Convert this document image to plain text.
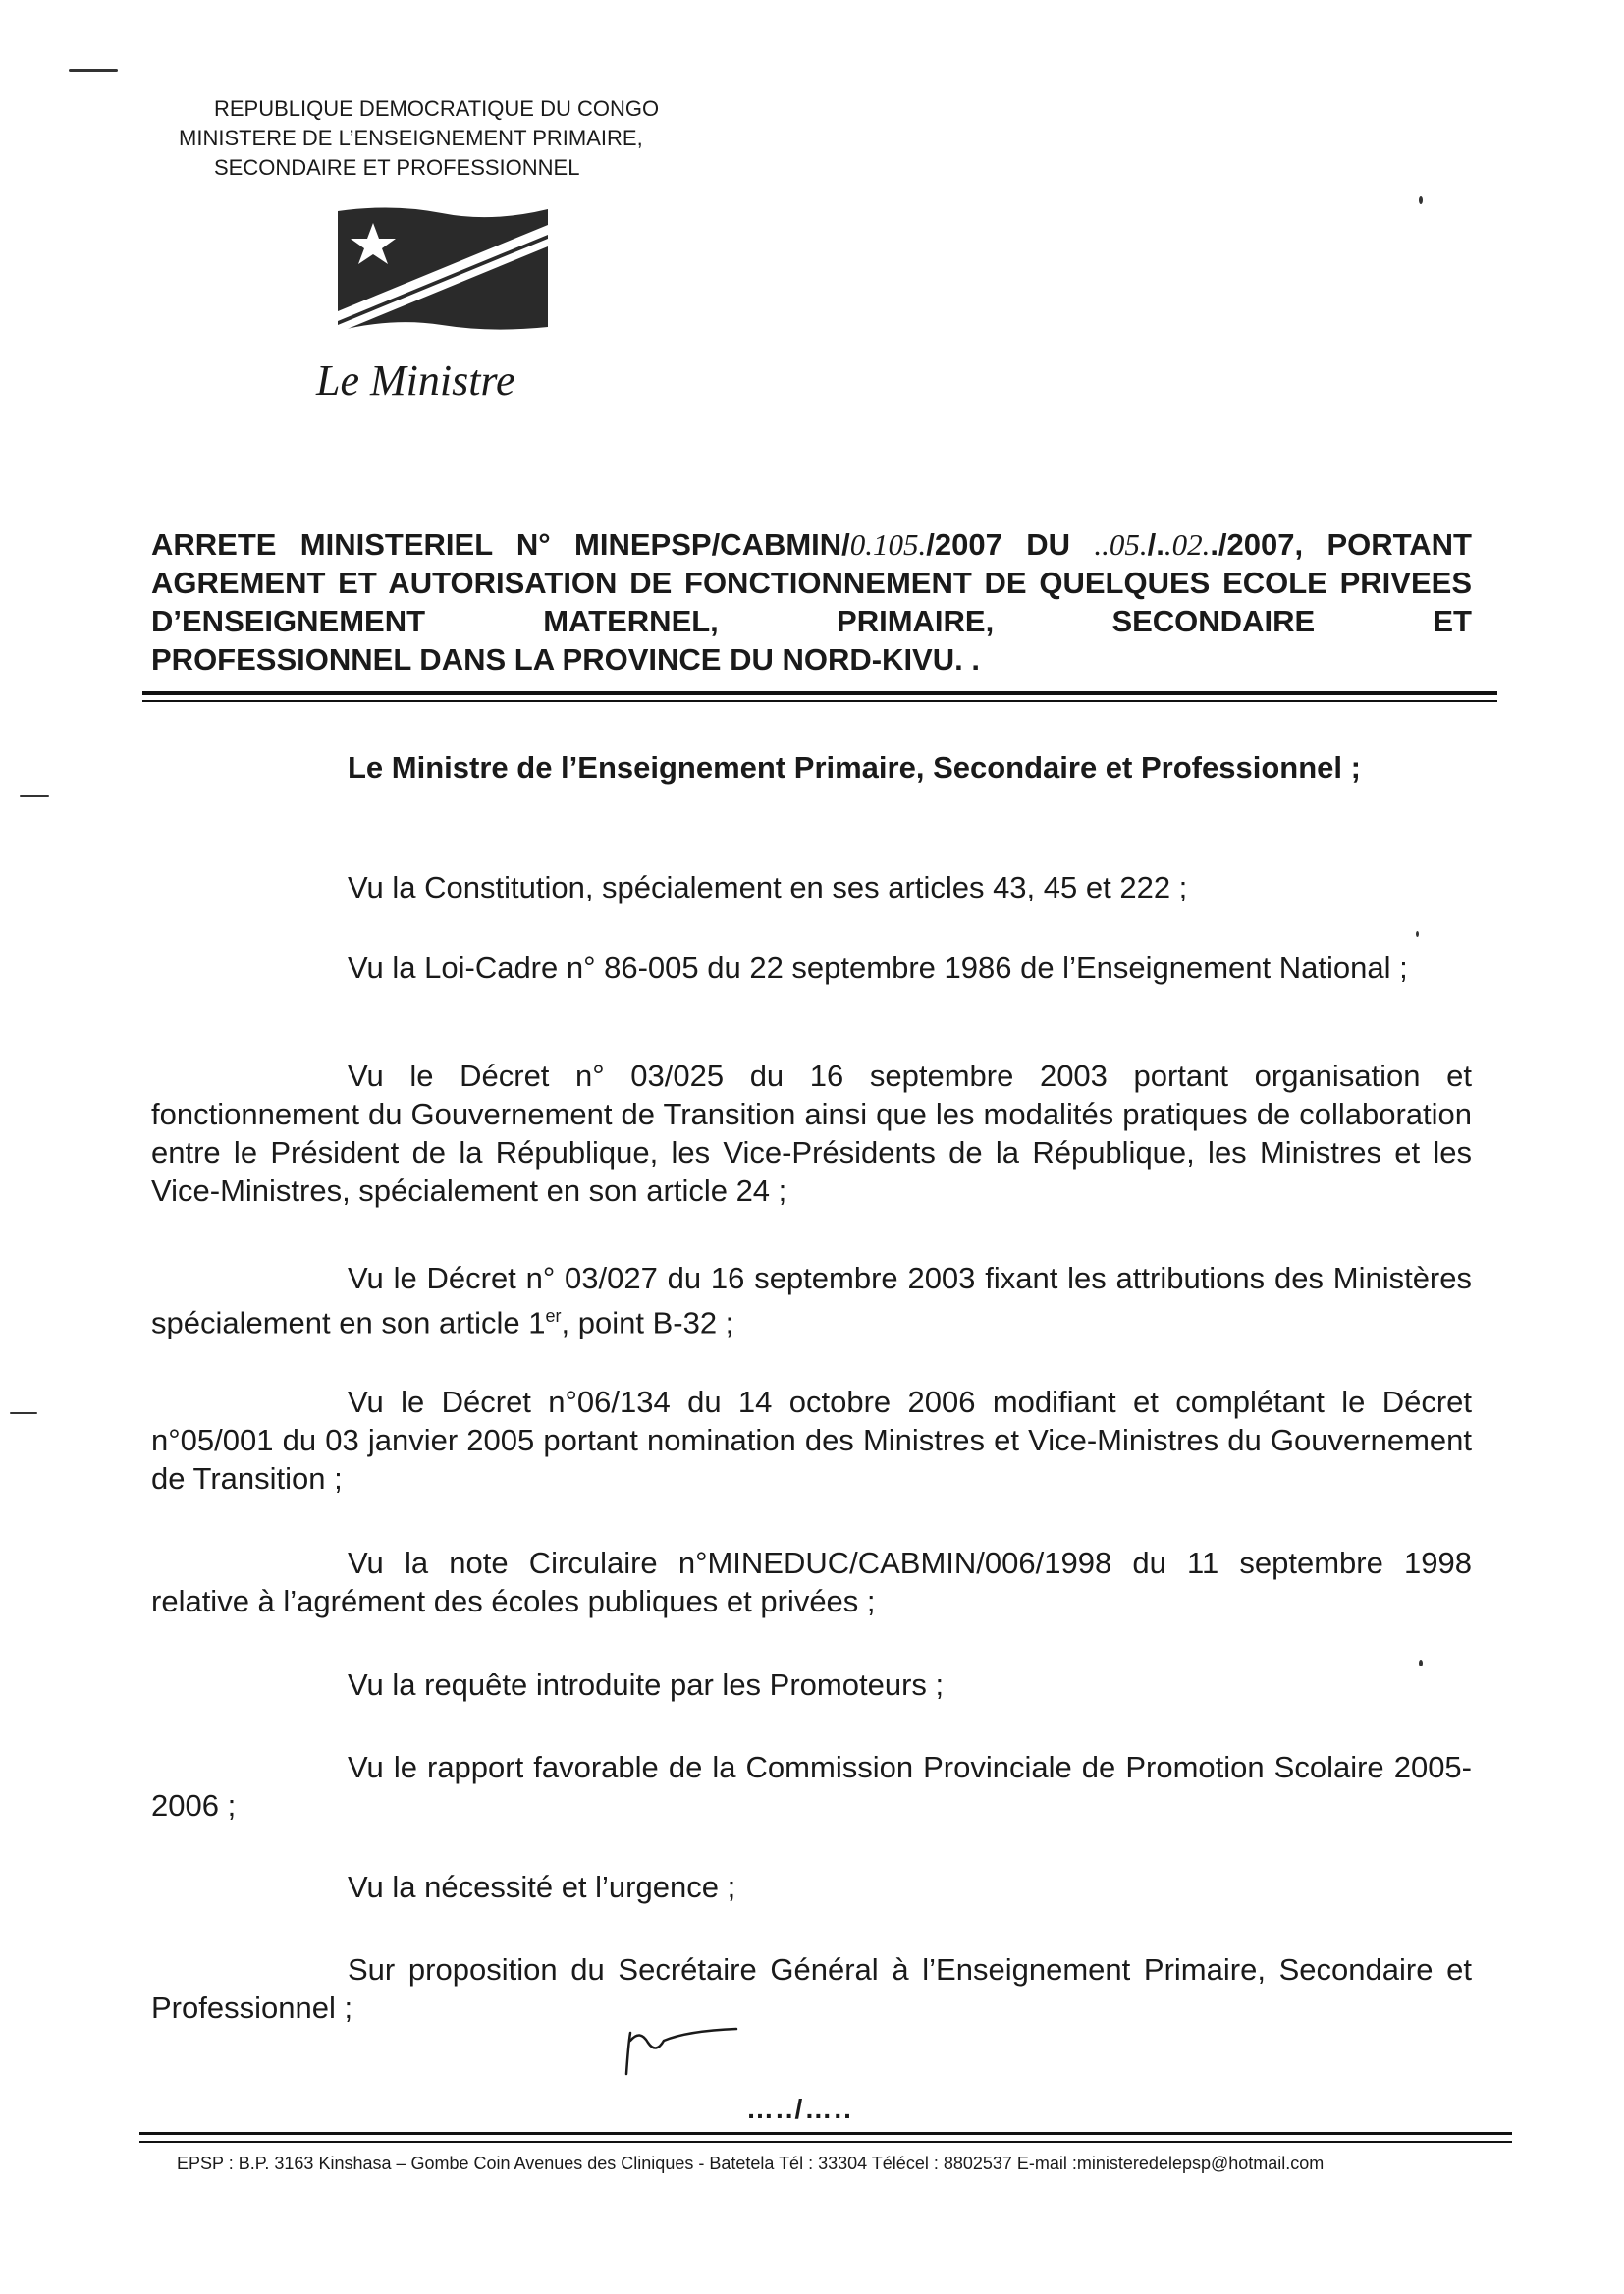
REPUBLIQUE DEMOCRATIQUE DU CONGO
MINISTERE DE L’ENSEIGNEMENT PRIMAIRE,
SECONDAIRE ET PROFESSIONNEL
Le Ministre
ARRETE MINISTERIEL N° MINEPSP/CABMIN/0.105./2007 DU ..05./..02../2007, PORTANT AGREMENT ET AUTORISATION DE FONCTIONNEMENT DE QUELQUES ECOLE PRIVEES D’ENSEIGNEMENT MATERNEL, PRIMAIRE, SECONDAIRE ET
PROFESSIONNEL DANS LA PROVINCE DU NORD-KIVU. .
Le Ministre de l’Enseignement Primaire, Secondaire et Professionnel ;
Vu la Constitution, spécialement en ses articles 43, 45 et 222 ;
Vu la Loi-Cadre n° 86-005 du 22 septembre 1986 de l’Enseignement National ;
Vu le Décret n° 03/025 du 16 septembre 2003 portant organisation et fonctionnement du Gouvernement de Transition ainsi que les modalités pratiques de collaboration entre le Président de la République, les Vice-Présidents de la République, les Ministres et les Vice-Ministres, spécialement en son article 24 ;
Vu le Décret n° 03/027 du 16 septembre 2003 fixant les attributions des Ministères spécialement en son article 1er, point B-32 ;
Vu le Décret n°06/134 du 14 octobre 2006 modifiant et complétant le Décret n°05/001 du 03 janvier 2005 portant nomination des Ministres et Vice-Ministres du Gouvernement de Transition ;
Vu la note Circulaire n°MINEDUC/CABMIN/006/1998 du 11 septembre 1998 relative à l’agrément des écoles publiques et privées ;
Vu la requête introduite par les Promoteurs ;
Vu le rapport favorable de la Commission Provinciale de Promotion Scolaire 2005-2006 ;
Vu la nécessité et l’urgence ;
Sur proposition du Secrétaire Général à l’Enseignement Primaire, Secondaire et Professionnel ;
…../…..
EPSP : B.P. 3163 Kinshasa – Gombe Coin Avenues des Cliniques - Batetela Tél : 33304 Télécel : 8802537 E-mail :ministeredelepsp@hotmail.com
